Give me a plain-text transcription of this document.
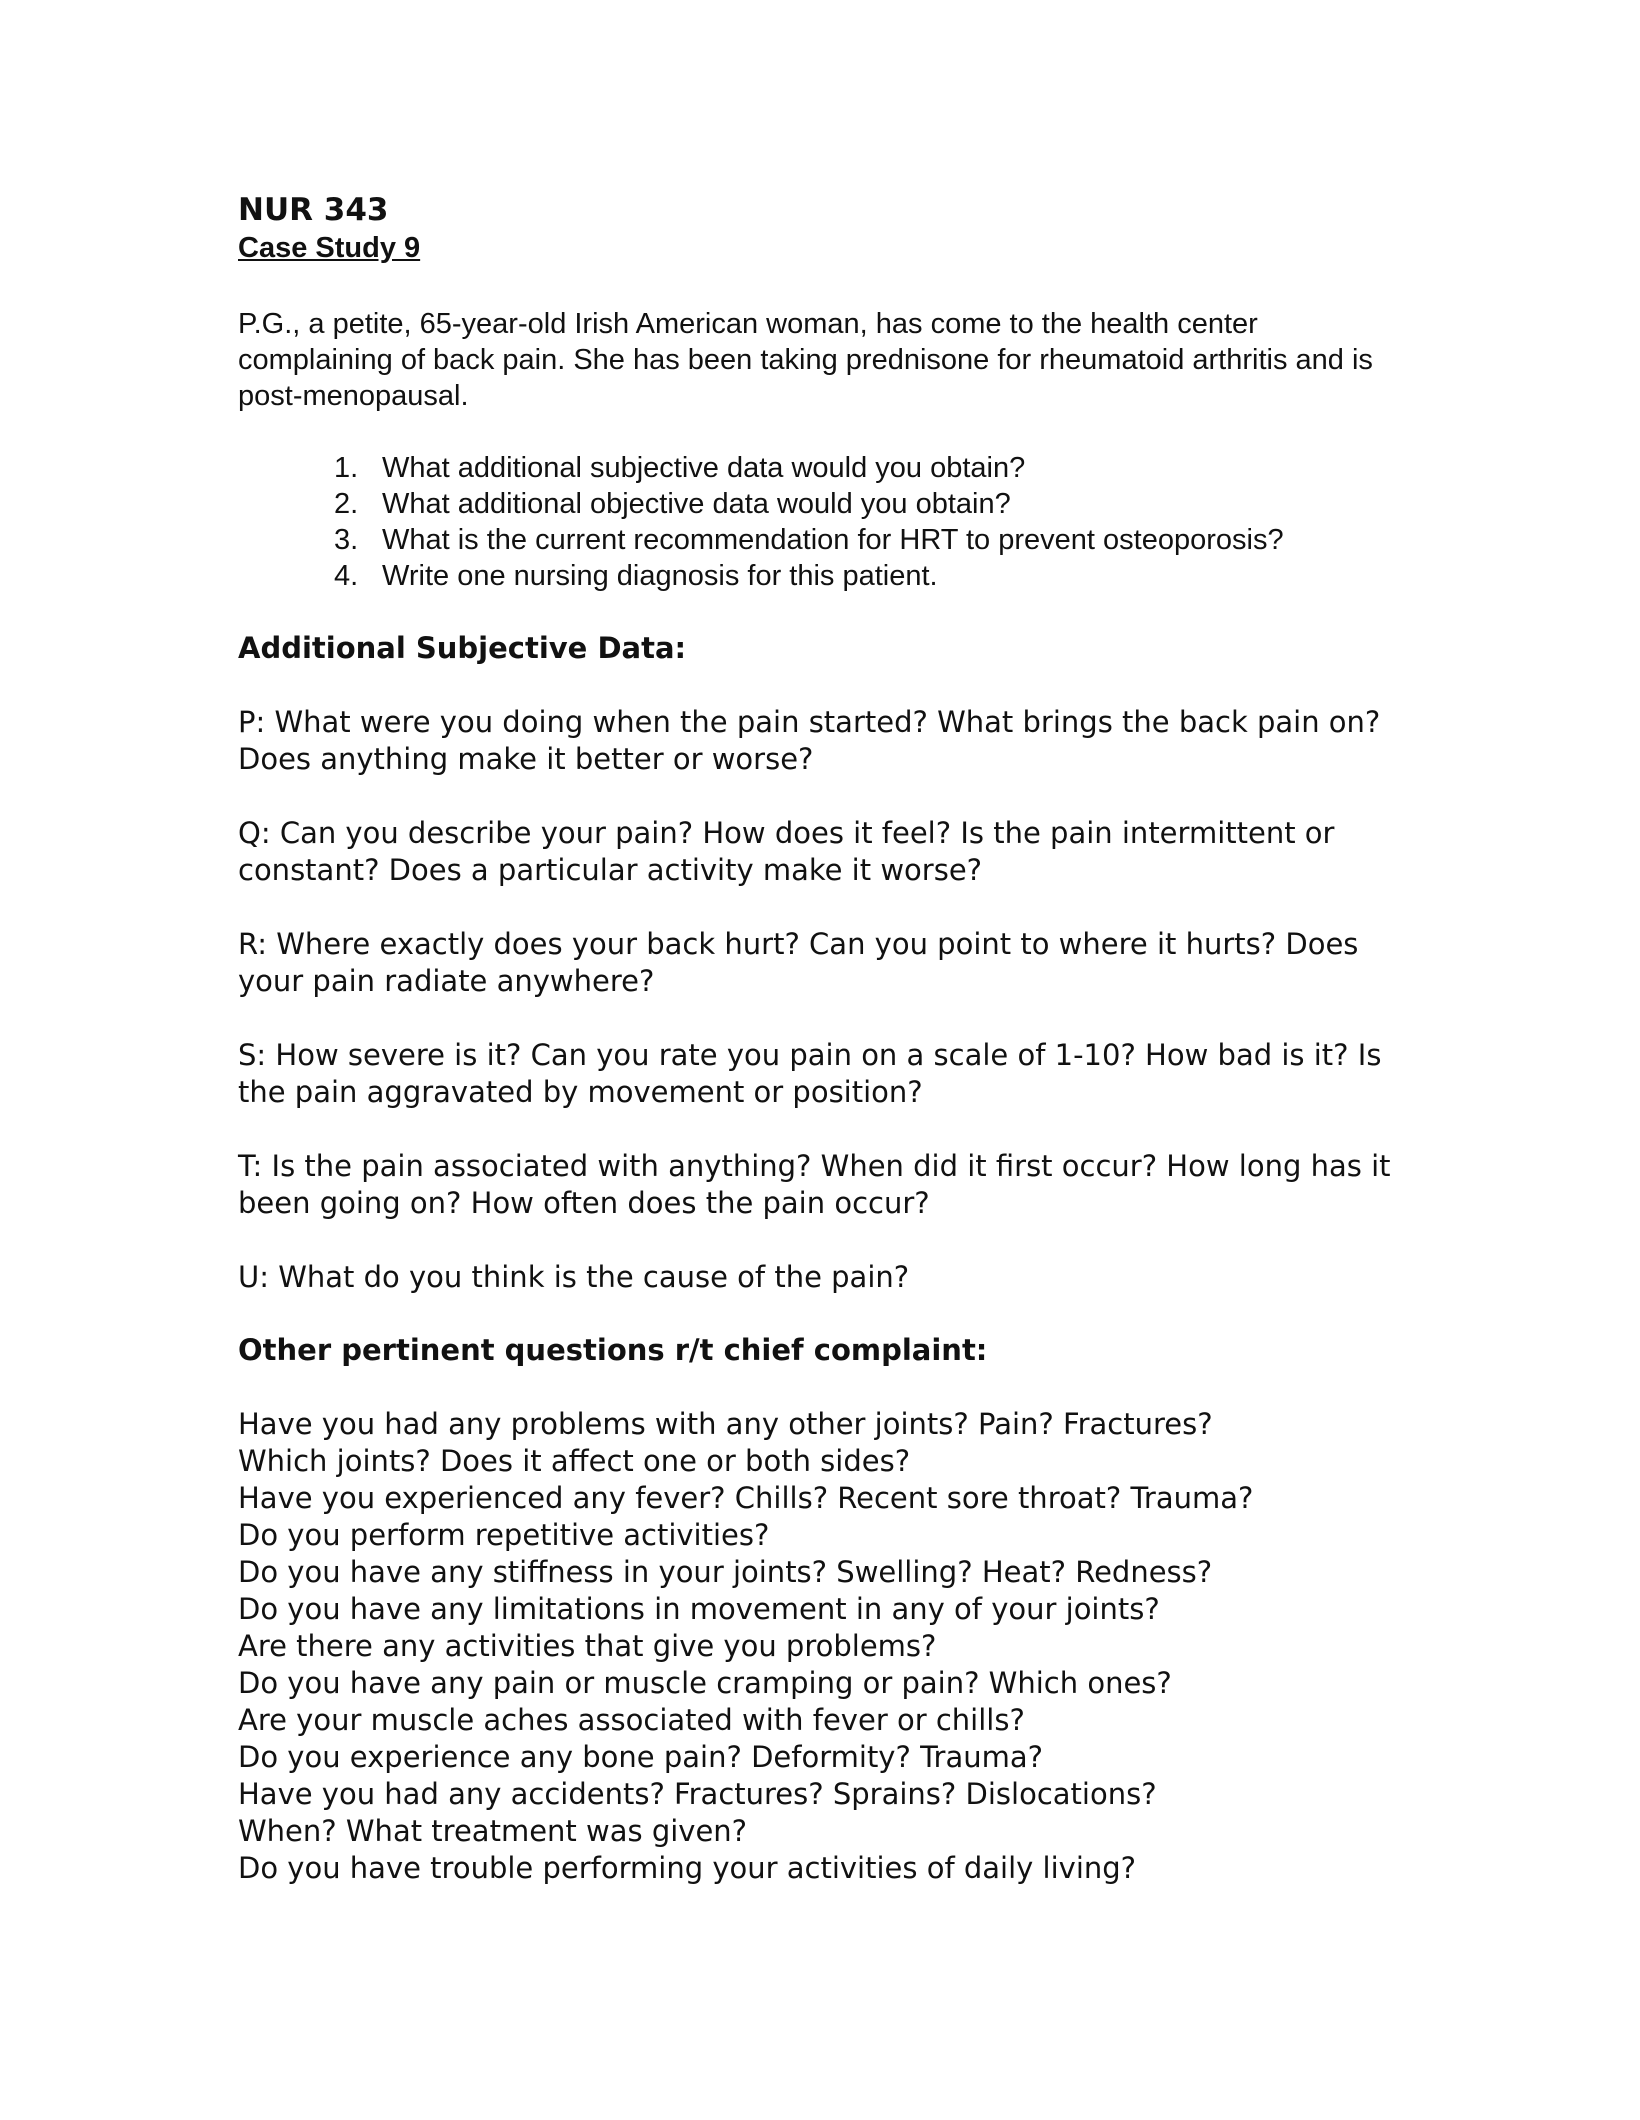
NUR 343
Case Study 9
P.G., a petite, 65-year-old Irish American woman, has come to the health center complaining of back pain. She has been taking prednisone for rheumatoid arthritis and is post-menopausal.
1. What additional subjective data would you obtain?
2. What additional objective data would you obtain?
3. What is the current recommendation for HRT to prevent osteoporosis?
4. Write one nursing diagnosis for this patient.
Additional Subjective Data:
P: What were you doing when the pain started? What brings the back pain on? Does anything make it better or worse?
Q: Can you describe your pain? How does it feel? Is the pain intermittent or constant? Does a particular activity make it worse?
R: Where exactly does your back hurt? Can you point to where it hurts? Does your pain radiate anywhere?
S: How severe is it? Can you rate you pain on a scale of 1-10? How bad is it? Is the pain aggravated by movement or position?
T: Is the pain associated with anything? When did it first occur? How long has it been going on? How often does the pain occur?
U: What do you think is the cause of the pain?
Other pertinent questions r/t chief complaint:
Have you had any problems with any other joints? Pain? Fractures?
Which joints? Does it affect one or both sides?
Have you experienced any fever? Chills? Recent sore throat? Trauma?
Do you perform repetitive activities?
Do you have any stiffness in your joints? Swelling? Heat? Redness?
Do you have any limitations in movement in any of your joints?
Are there any activities that give you problems?
Do you have any pain or muscle cramping or pain? Which ones?
Are your muscle aches associated with fever or chills?
Do you experience any bone pain? Deformity? Trauma?
Have you had any accidents? Fractures? Sprains? Dislocations?
When? What treatment was given?
Do you have trouble performing your activities of daily living?
